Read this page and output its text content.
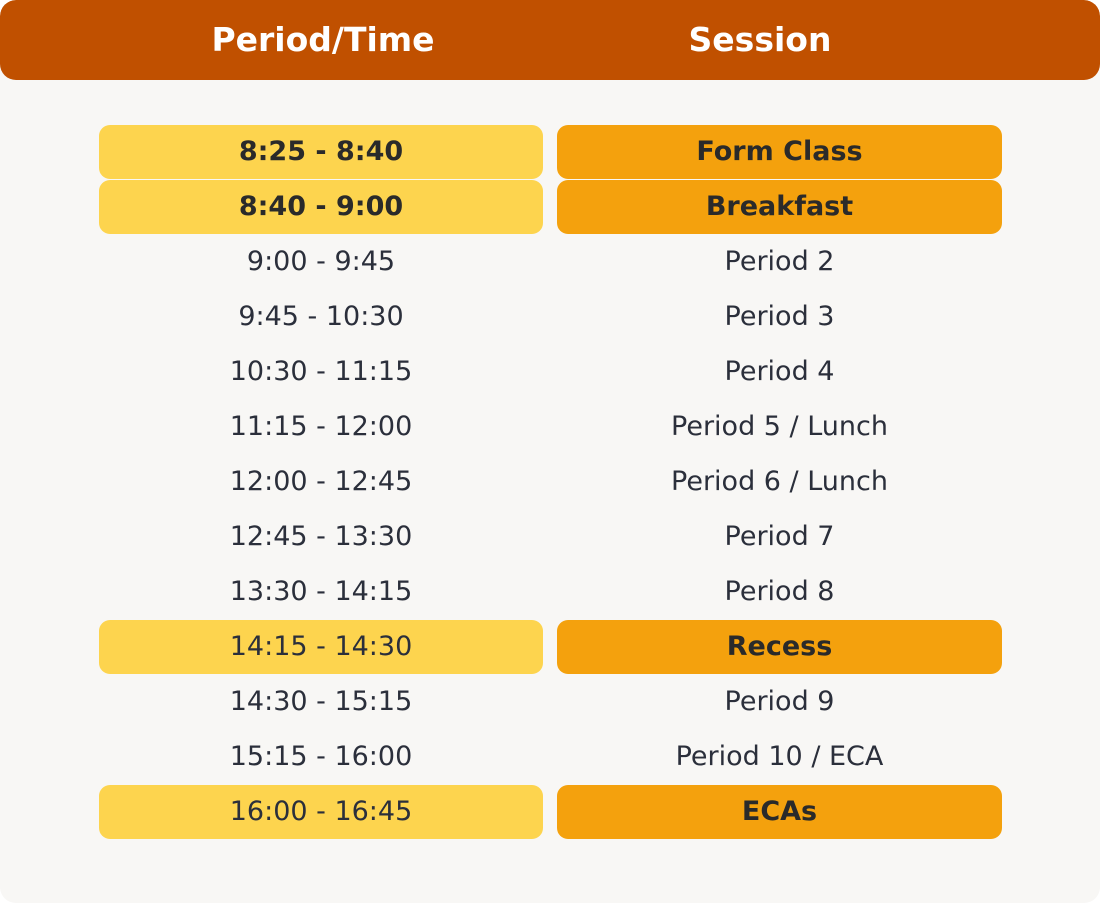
Period/Time	Session
8:25 - 8:40	Form Class
8:40 - 9:00	Breakfast
9:00 - 9:45	Period 2
9:45 - 10:30	Period 3
10:30 - 11:15	Period 4
11:15 - 12:00	Period 5 / Lunch
12:00 - 12:45	Period 6 / Lunch
12:45 - 13:30	Period 7
13:30 - 14:15	Period 8
14:15 - 14:30	Recess
14:30 - 15:15	Period 9
15:15 - 16:00	Period 10 / ECA
16:00 - 16:45	ECAs
